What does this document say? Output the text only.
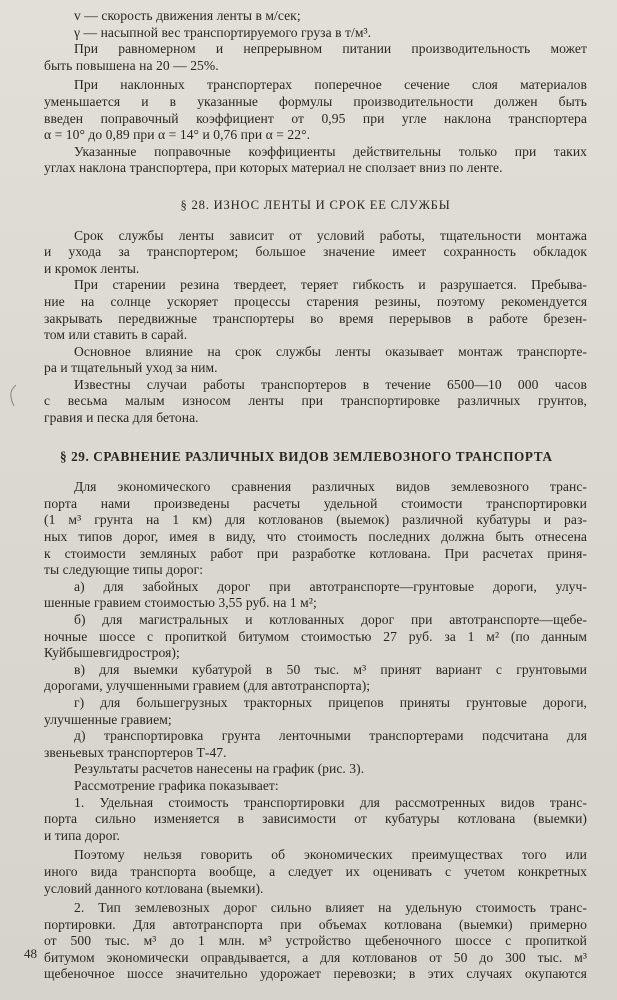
v — скорость движения ленты в м/сек;
γ — насыпной вес транспортируемого груза в т/м³.

При равномерном и непрерывном питании производительность может
быть повышена на 20 — 25%.

При наклонных транспортерах поперечное сечение слоя материалов
уменьшается и в указанные формулы производительности должен быть
введен поправочный коэффициент от 0,95 при угле наклона транспортера
α = 10° до 0,89 при α = 14° и 0,76 при α = 22°.

Указанные поправочные коэффициенты действительны только при таких
углах наклона транспортера, при которых материал не сползает вниз по ленте.

§ 28. ИЗНОС ЛЕНТЫ И СРОК ЕЕ СЛУЖБЫ

Срок службы ленты зависит от условий работы, тщательности монтажа
и ухода за транспортером; большое значение имеет сохранность обкладок
и кромок ленты.

При старении резина твердеет, теряет гибкость и разрушается. Пребыва-
ние на солнце ускоряет процессы старения резины, поэтому рекомендуется
закрывать передвижные транспортеры во время перерывов в работе брезен-
том или ставить в сарай.

Основное влияние на срок службы ленты оказывает монтаж транспорте-
ра и тщательный уход за ним.

Известны случаи работы транспортеров в течение 6500—10 000 часов
с весьма малым износом ленты при транспортировке различных грунтов,
гравия и песка для бетона.

§ 29. СРАВНЕНИЕ РАЗЛИЧНЫХ ВИДОВ ЗЕМЛЕВОЗНОГО ТРАНСПОРТА

Для экономического сравнения различных видов землевозного транс-
порта нами произведены расчеты удельной стоимости транспортировки
(1 м³ грунта на 1 км) для котлованов (выемок) различной кубатуры и раз-
ных типов дорог, имея в виду, что стоимость последних должна быть отнесена
к стоимости земляных работ при разработке котлована. При расчетах приня-
ты следующие типы дорог:

а) для забойных дорог при автотранспорте—грунтовые дороги, улуч-
шенные гравием стоимостью 3,55 руб. на 1 м²;

б) для магистральных и котлованных дорог при автотранспорте—щебе-
ночные шоссе с пропиткой битумом стоимостью 27 руб. за 1 м² (по данным
Куйбышевгидростроя);

в) для выемки кубатурой в 50 тыс. м³ принят вариант с грунтовыми
дорогами, улучшенными гравием (для автотранспорта);

г) для большегрузных тракторных прицепов приняты грунтовые дороги,
улучшенные гравием;

д) транспортировка грунта ленточными транспортерами подсчитана для
звеньевых транспортеров Т-47.

Результаты расчетов нанесены на график (рис. 3).

Рассмотрение графика показывает:

1. Удельная стоимость транспортировки для рассмотренных видов транс-
порта сильно изменяется в зависимости от кубатуры котлована (выемки)
и типа дорог.

Поэтому нельзя говорить об экономических преимуществах того или
иного вида транспорта вообще, а следует их оценивать с учетом конкретных
условий данного котлована (выемки).

2. Тип землевозных дорог сильно влияет на удельную стоимость транс-
портировки. Для автотранспорта при объемах котлована (выемки) примерно
от 500 тыс. м³ до 1 млн. м³ устройство щебеночного шоссе с пропиткой
битумом экономически оправдывается, а для котлованов от 50 до 300 тыс. м³
щебеночное шоссе значительно удорожает перевозки; в этих случаях окупаются

48
